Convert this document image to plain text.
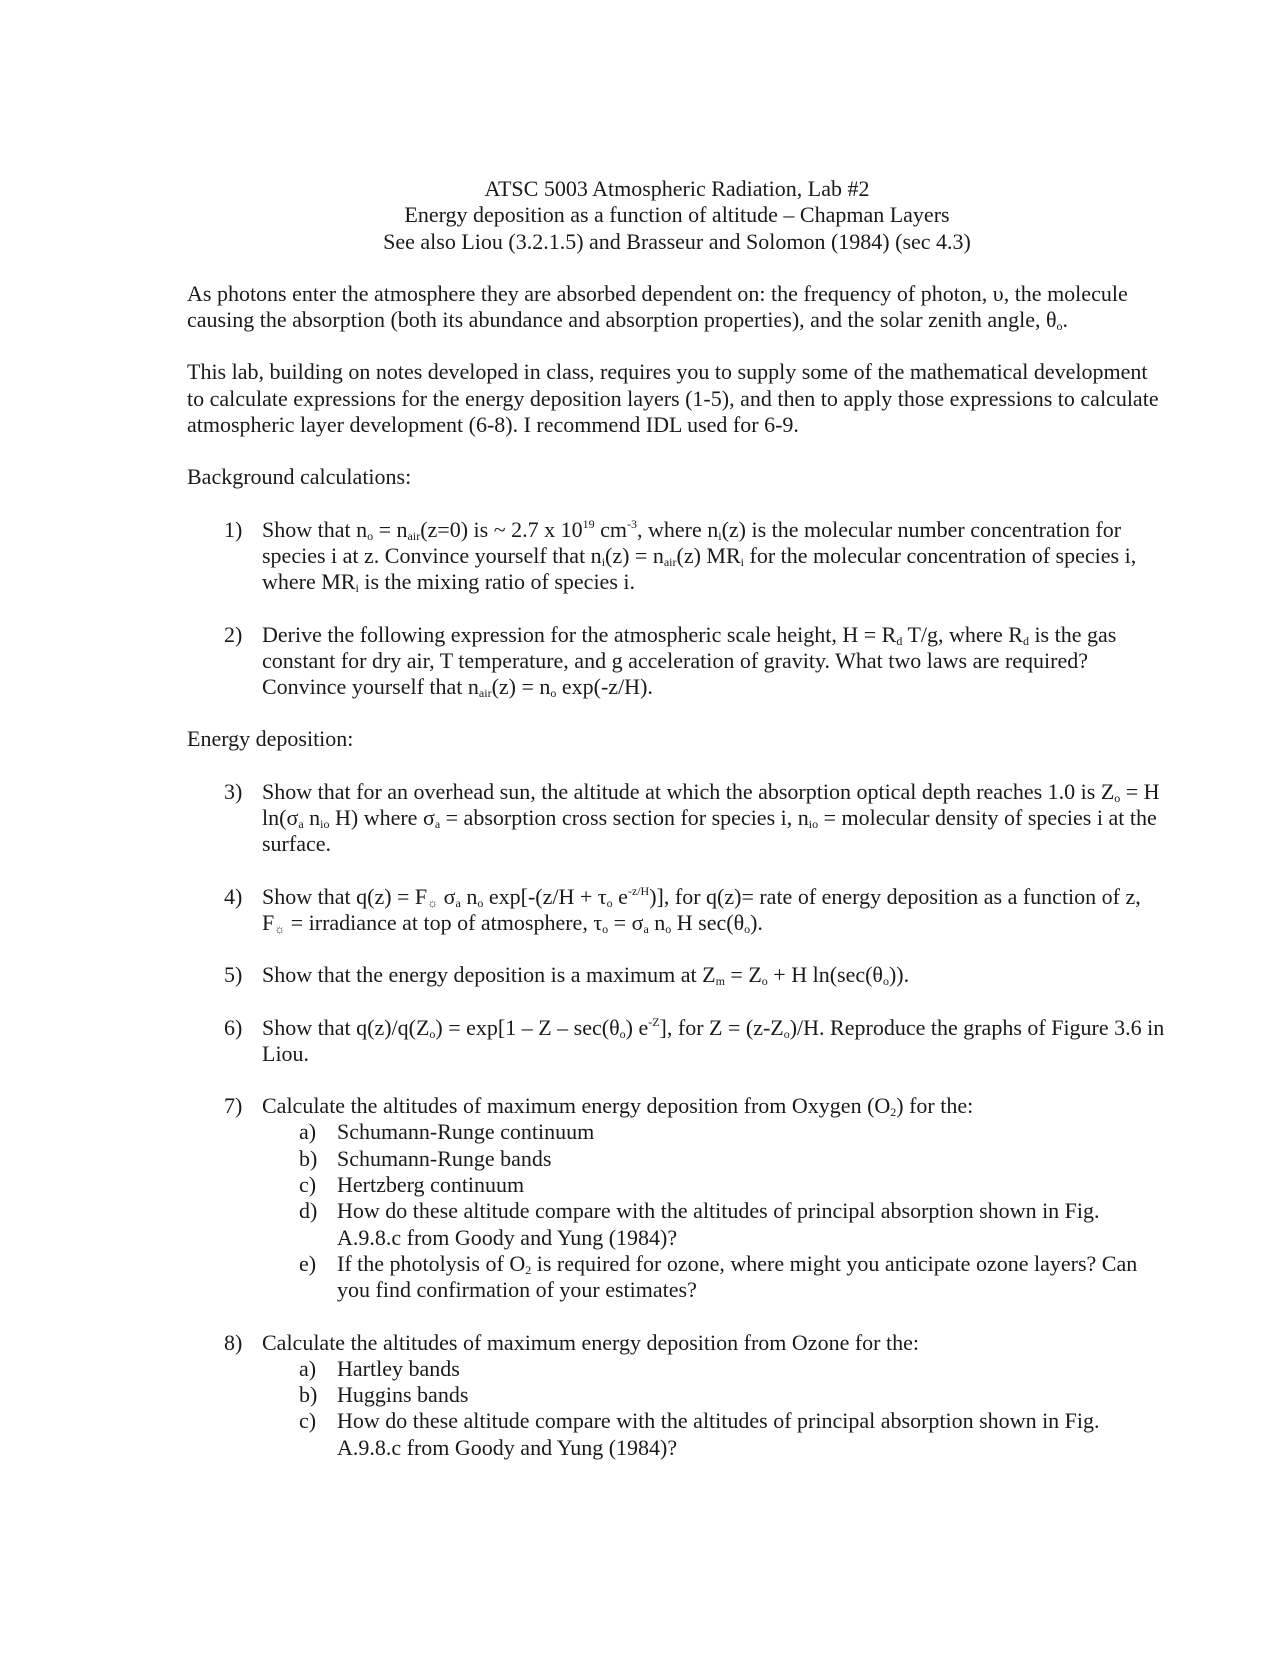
ATSC 5003 Atmospheric Radiation, Lab #2
Energy deposition as a function of altitude – Chapman Layers
See also Liou (3.2.1.5) and Brasseur and Solomon (1984) (sec 4.3)

As photons enter the atmosphere they are absorbed dependent on: the frequency of photon, υ, the molecule causing the absorption (both its abundance and absorption properties), and the solar zenith angle, $\theta_o$.

This lab, building on notes developed in class, requires you to supply some of the mathematical development to calculate expressions for the energy deposition layers (1-5), and then to apply those expressions to calculate atmospheric layer development (6-8). I recommend IDL used for 6-9.

Background calculations:

1) Show that $n_o = n_{air}(z=0)$ is ~ 2.7 x $10^{19}$ $cm^{-3}$, where $n_i(z)$ is the molecular number concentration for species i at z. Convince yourself that $n_i(z) = n_{air}(z)$ $MR_i$ for the molecular concentration of species i, where $MR_i$ is the mixing ratio of species i.
2) Derive the following expression for the atmospheric scale height, $H = R_d$ T/g, where $R_d$ is the gas constant for dry air, T temperature, and g acceleration of gravity. What two laws are required? Convince yourself that $n_{air}(z) = n_o$ exp(-z/H).

Energy deposition:

3) Show that for an overhead sun, the altitude at which the absorption optical depth reaches 1.0 is $Z_o = H$ $\ln(\sigma_a$ $n_{io}$ H) where $\sigma_a$ = absorption cross section for species i, $n_{io}$ = molecular density of species i at the surface.
4) Show that $q(z) = F_☼$ $\sigma_a$ $n_o$ $\exp[-(z/H + \tau_o$ $e^{-z/H}$)], for q(z)= rate of energy deposition as a function of z, $F_☼$ = irradiance at top of atmosphere, $\tau_o = \sigma_a$ $n_o$ H $\sec(\theta_o)$.
5) Show that the energy deposition is a maximum at $Z_m = Z_o + H$ $\ln(\sec(\theta_o))$.
6) Show that $q(z)/q(Z_o) = \exp[1 - Z - \sec(\theta_o)$ $e^{-Z}$], for $Z = (z-Z_o)/H$. Reproduce the graphs of Figure 3.6 in Liou.
7) Calculate the altitudes of maximum energy deposition from Oxygen $(O_2)$ for the:
a) Schumann-Runge continuum
b) Schumann-Runge bands
c) Hertzberg continuum
d) How do these altitude compare with the altitudes of principal absorption shown in Fig. A.9.8.c from Goody and Yung (1984)?
e) If the photolysis of $O_2$ is required for ozone, where might you anticipate ozone layers? Can you find confirmation of your estimates?
8) Calculate the altitudes of maximum energy deposition from Ozone for the:
a) Hartley bands
b) Huggins bands
c) How do these altitude compare with the altitudes of principal absorption shown in Fig. A.9.8.c from Goody and Yung (1984)?
